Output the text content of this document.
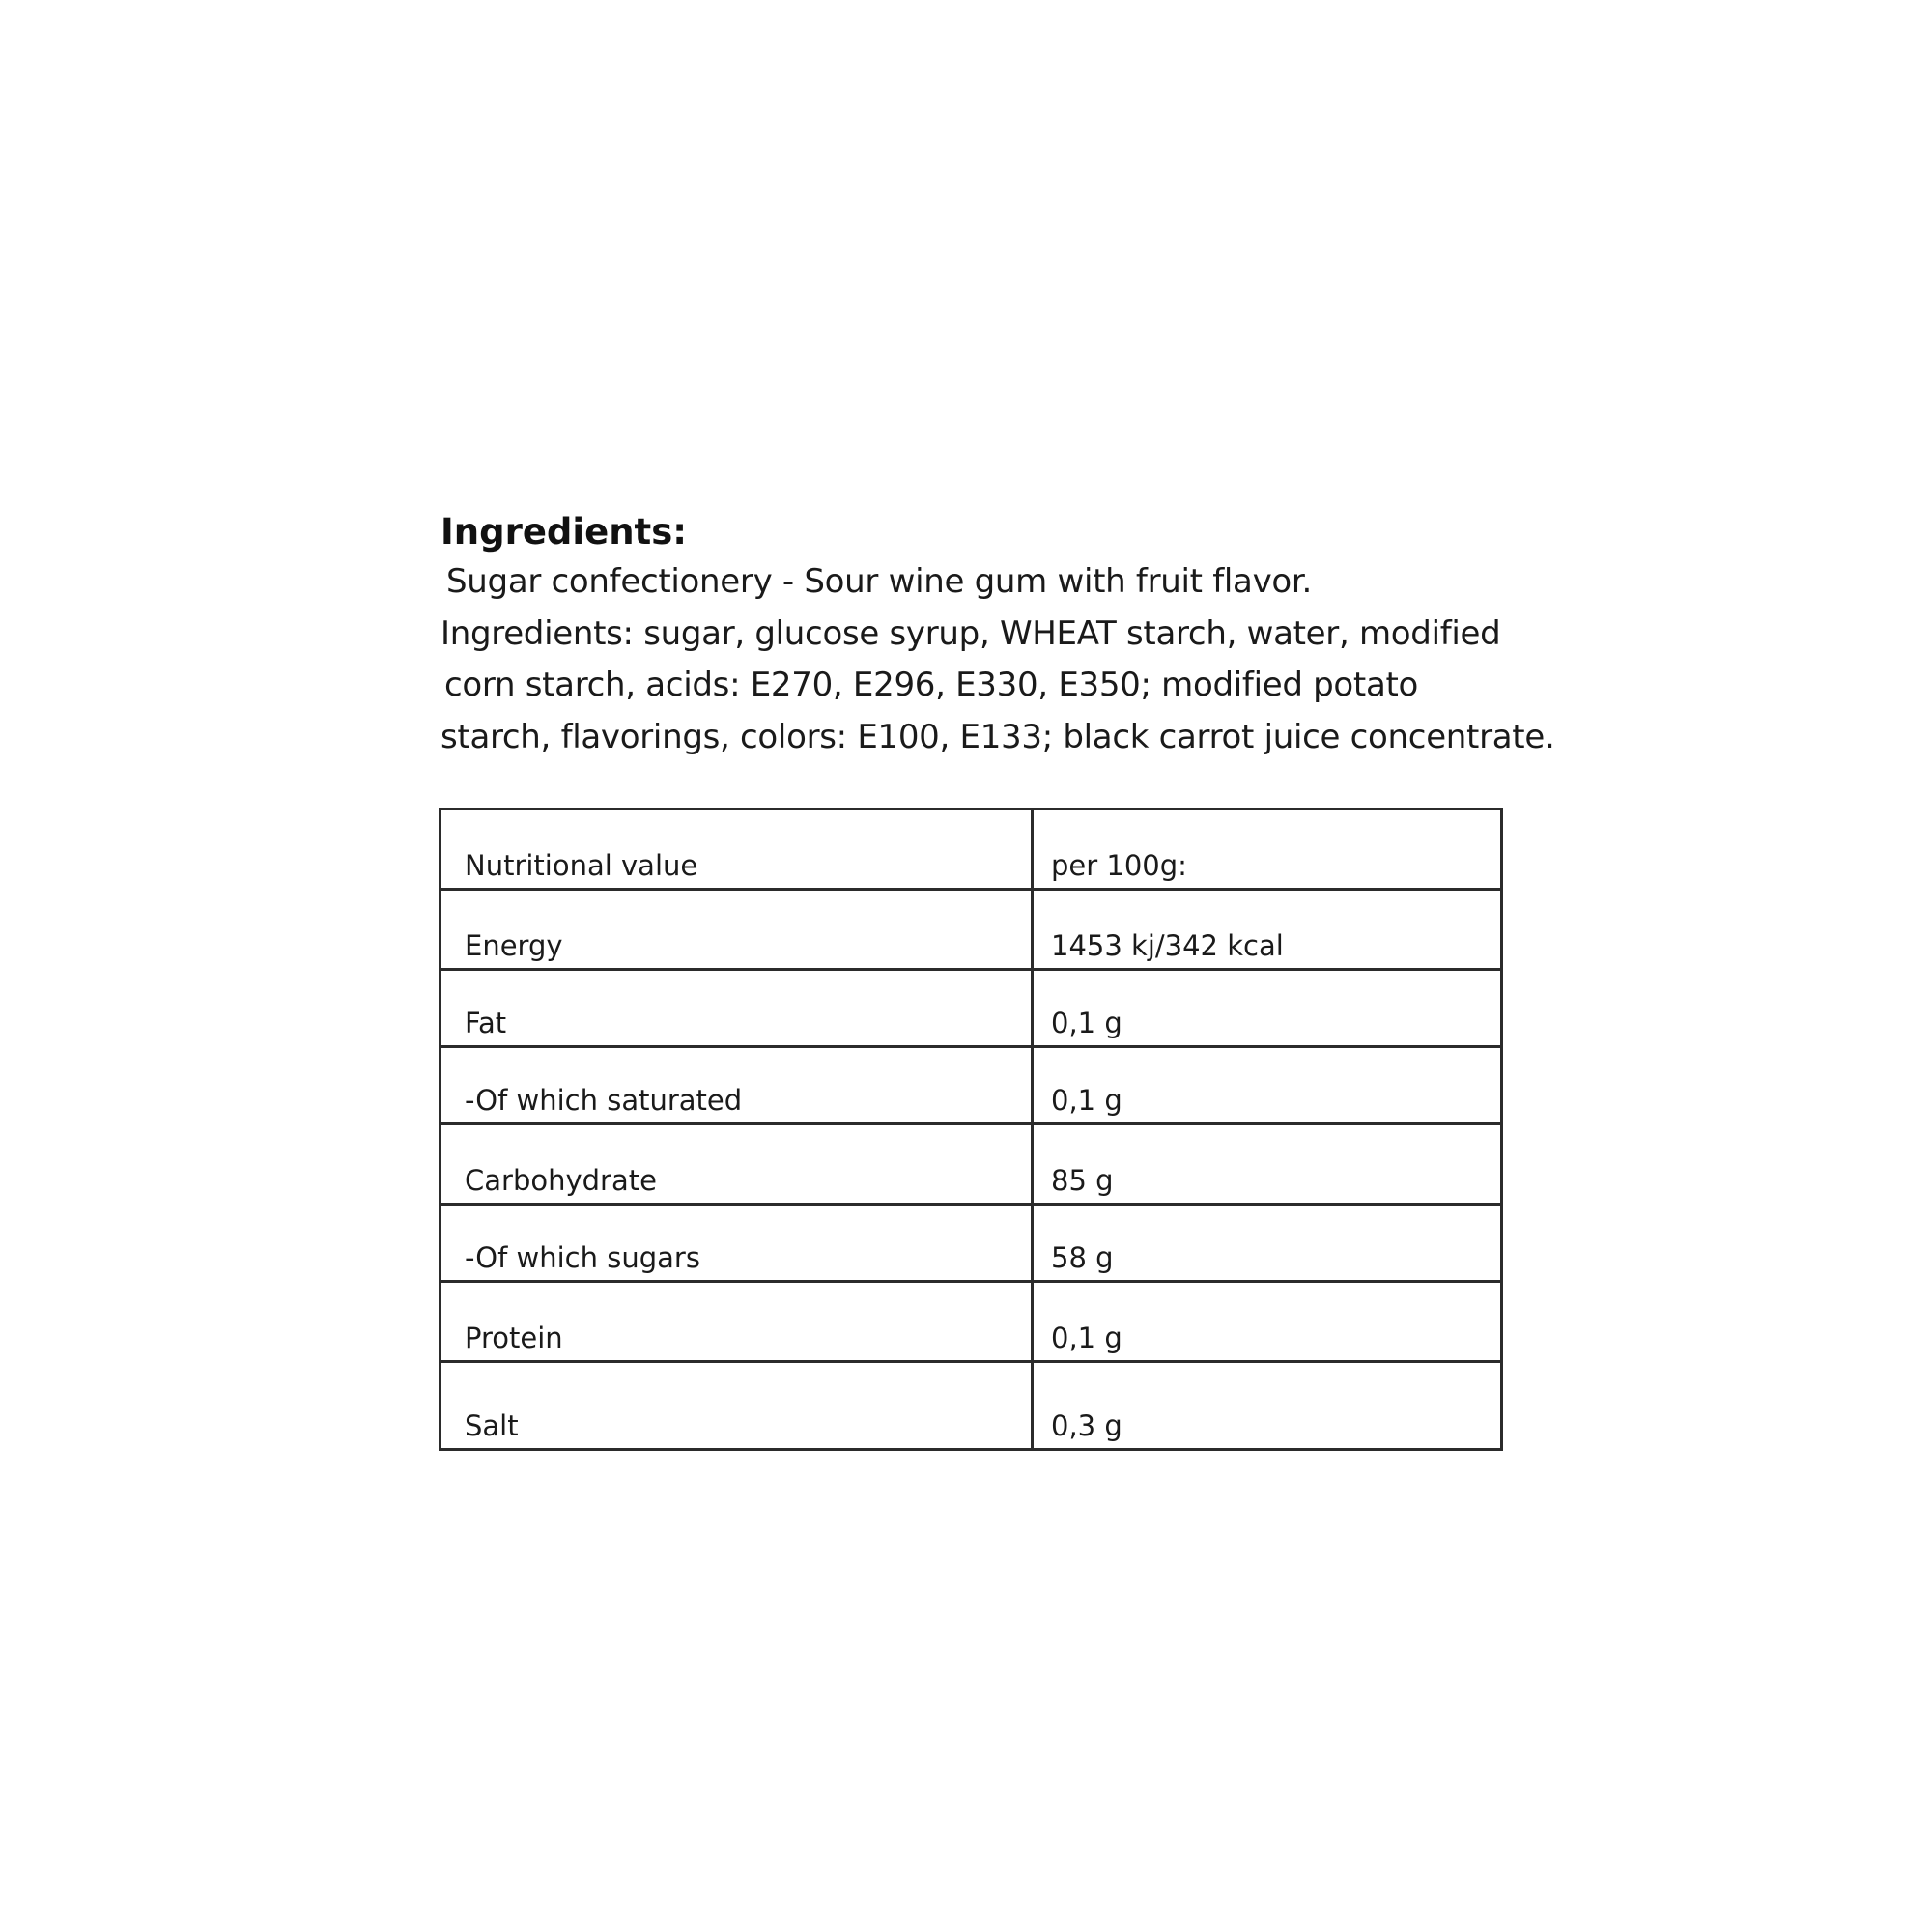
Ingredients:

Sugar confectionery - Sour wine gum with fruit flavor.

Ingredients: sugar, glucose syrup, WHEAT starch, water, modified

corn starch, acids: E270, E296, E330, E350; modified potato

starch, flavorings, colors: E100, E133; black carrot juice concentrate.

Nutritional value	per 100g:
Energy	1453 kj/342 kcal
Fat	0,1 g
-Of which saturated	0,1 g
Carbohydrate	85 g
-Of which sugars	58 g
Protein	0,1 g
Salt	0,3 g
